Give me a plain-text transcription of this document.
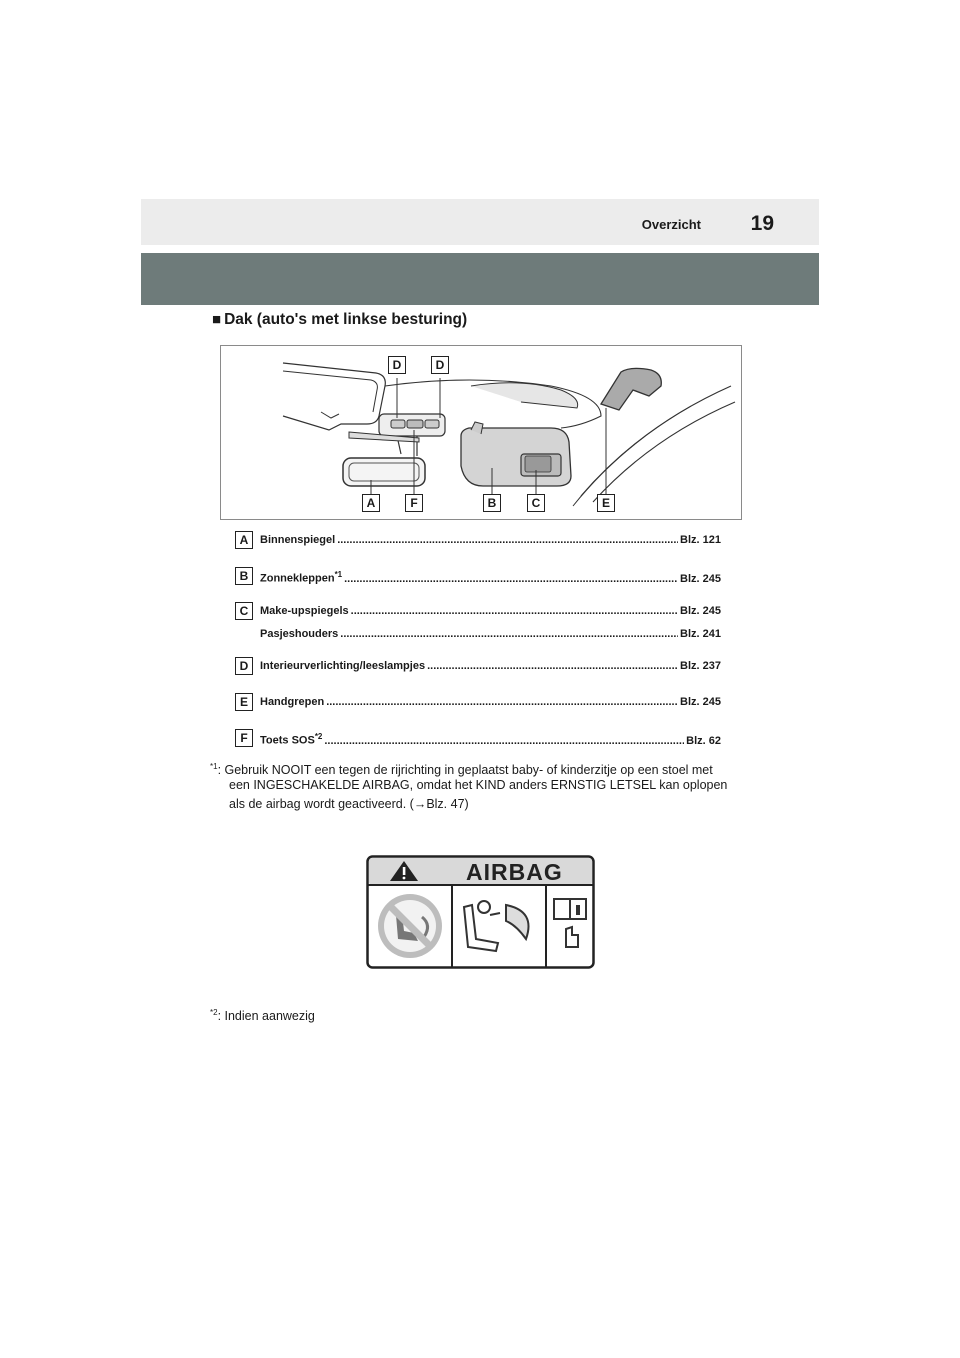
Overzicht 19
■ Dak (auto's met linkse besturing)
D	D
A	F	B	C	E
A	Binnenspiegel .....	Blz. 121
B	Zonnekleppen$^{*1}$ .....	Blz. 245
C	Make-upspiegels .....	Blz. 245
Pasjeshouders .....	Blz. 241
D	Interieurverlichting/leeslampjes .....	Blz. 237
E	Handgrepen .....	Blz. 245
F	Toets SOS$^{*2}$ .....	Blz. 62
$^{*1}$: Gebruik NOOIT een tegen de rijrichting in geplaatst baby- of kinderzitje op een stoel met
een INGESCHAKELDE AIRBAG, omdat het KIND anders ERNSTIG LETSEL kan oplopen
als de airbag wordt geactiveerd. (→Blz. 47)
AIRBAG
$^{*2}$: Indien aanwezig
